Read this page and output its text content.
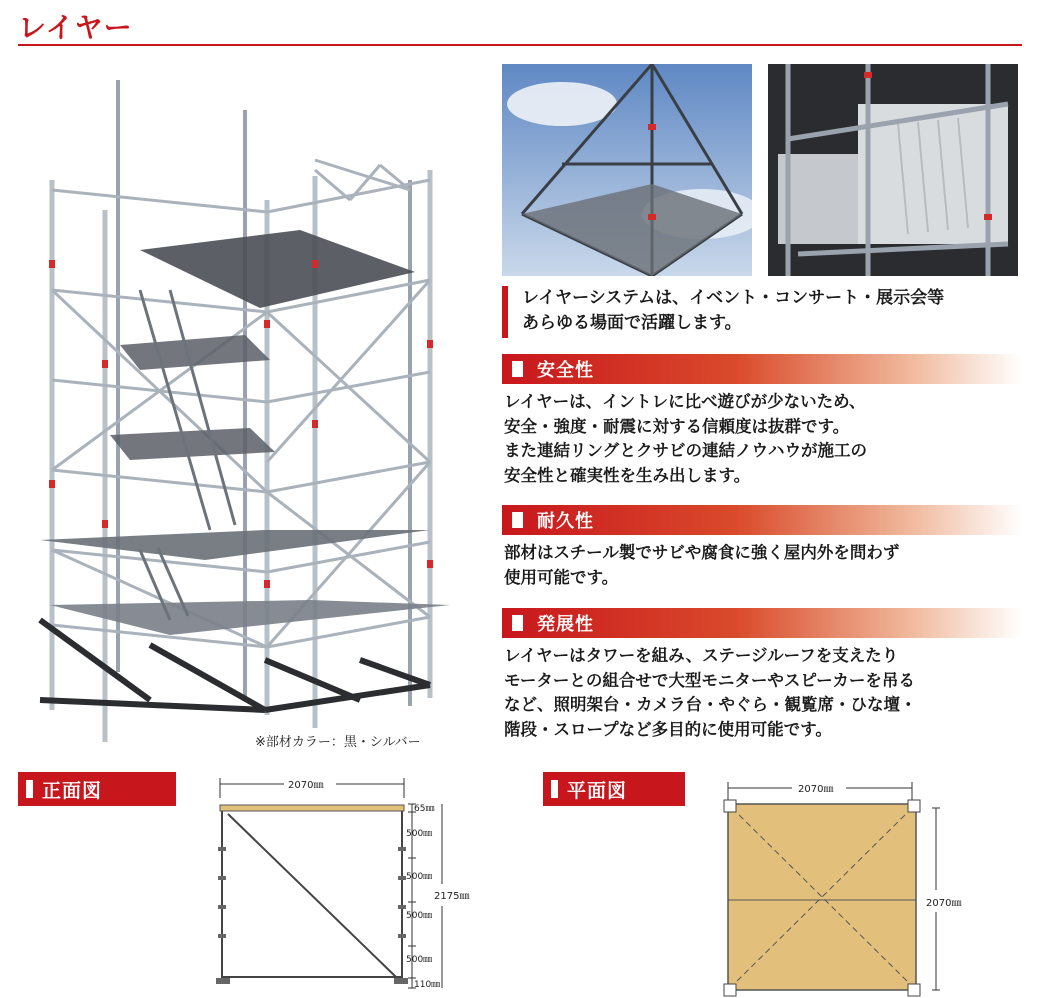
レイヤー
※部材カラー：黒・シルバー

レイヤーシステムは、イベント・コンサート・展示会等

あらゆる場面で活躍します。

安全性
レイヤーは、イントレに比べ遊びが少ないため、
安全・強度・耐震に対する信頼度は抜群です。
また連結リングとクサビの連結ノウハウが施工の
安全性と確実性を生み出します。
耐久性
部材はスチール製でサビや腐食に強く屋内外を問わず
使用可能です。
発展性
レイヤーはタワーを組み、ステージルーフを支えたり
モーターとの組合せで大型モニターやスピーカーを吊る
など、照明架台・カメラ台・やぐら・観覧席・ひな壇・
階段・スロープなど多目的に使用可能です。
正面図	2070㎜
65㎜
500㎜
500㎜
500㎜
500㎜
110㎜
2175㎜
平面図	2070㎜
2070㎜
